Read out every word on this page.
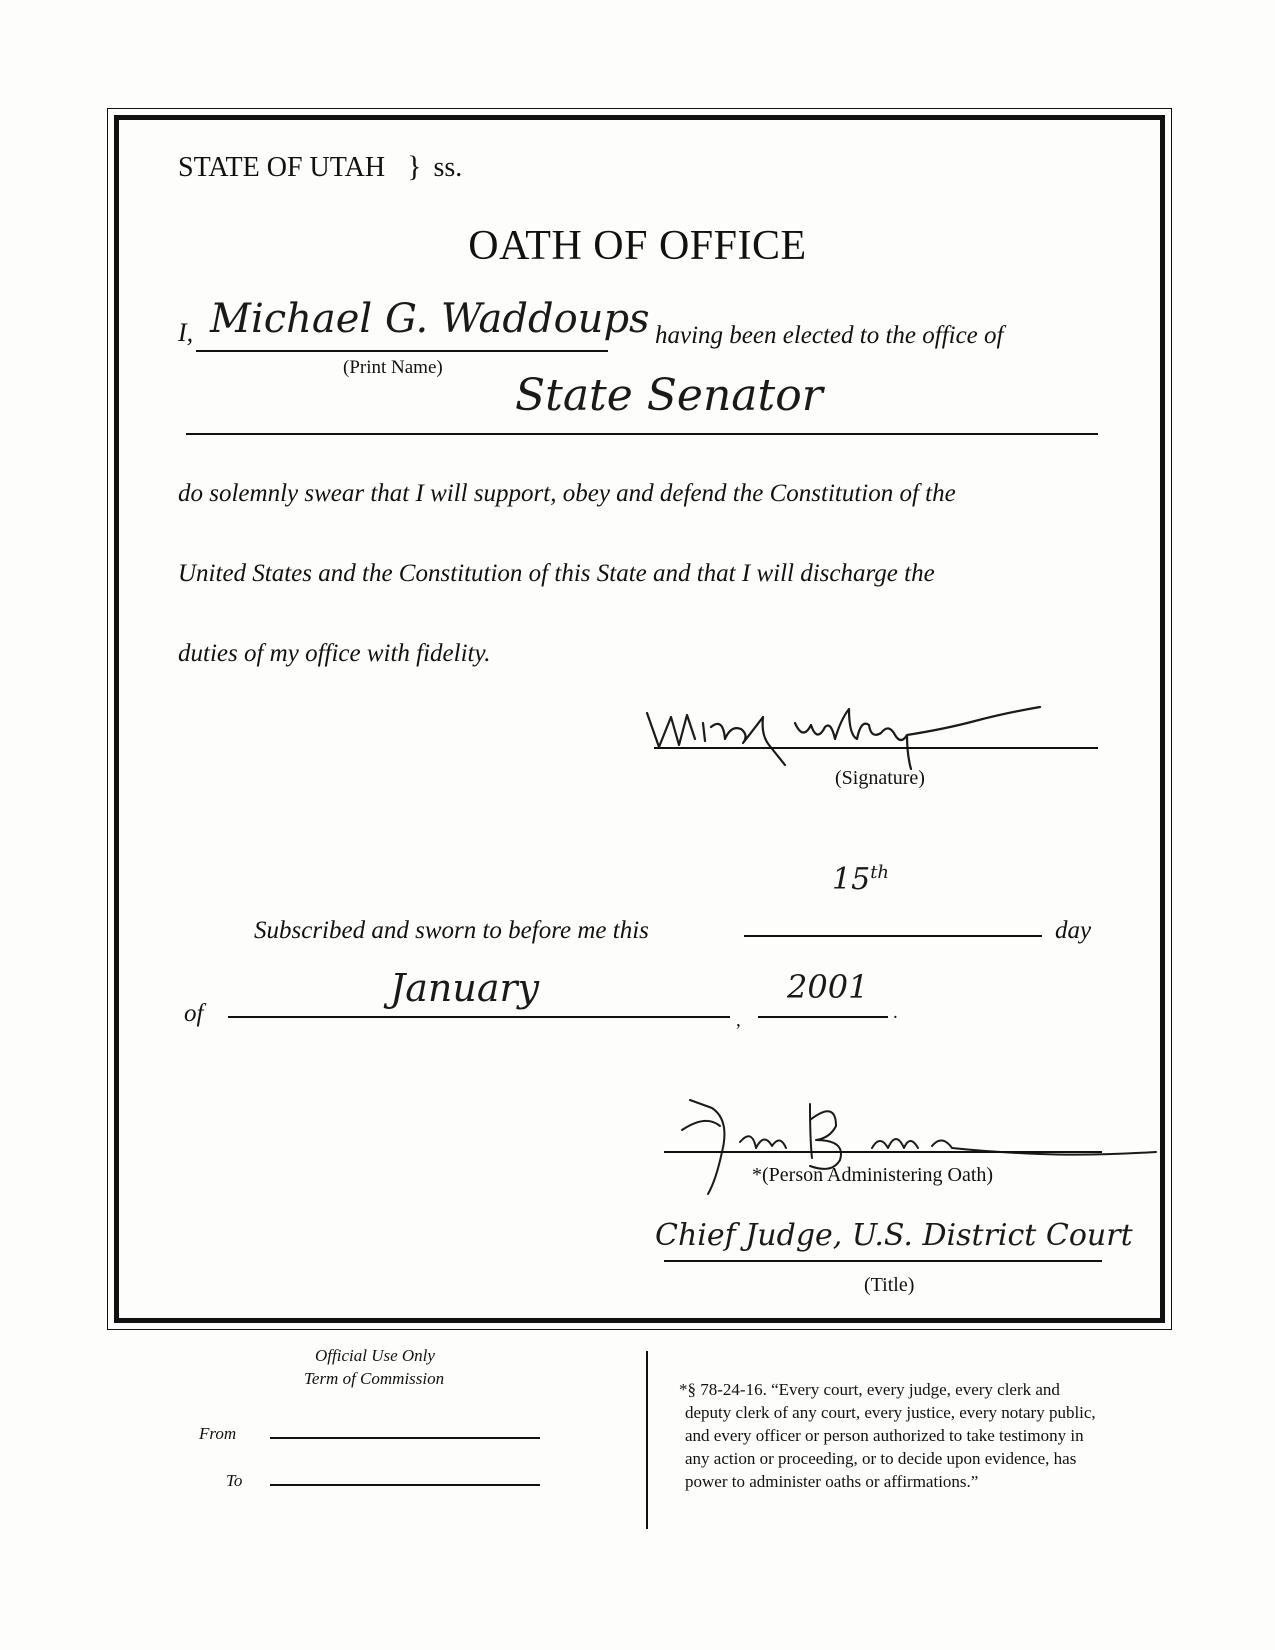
STATE OF UTAH } ss.
OATH OF OFFICE
I, Michael G. Waddoups
(Print Name)
having been elected to the office of
State Senator
do solemnly swear that I will support, obey and defend the Constitution of the
United States and the Constitution of this State and that I will discharge the
duties of my office with fidelity.
(Signature)
15th
Subscribed and sworn to before me this	day
of
January
,
2001
.
*(Person Administering Oath)
Chief Judge, U.S. District Court
(Title)
Official Use Only
Term of Commission
From
To

*§ 78-24-16. “Every court, every judge, every clerk and

deputy clerk of any court, every justice, every notary public,

and every officer or person authorized to take testimony in

any action or proceeding, or to decide upon evidence, has

power to administer oaths or affirmations.”
